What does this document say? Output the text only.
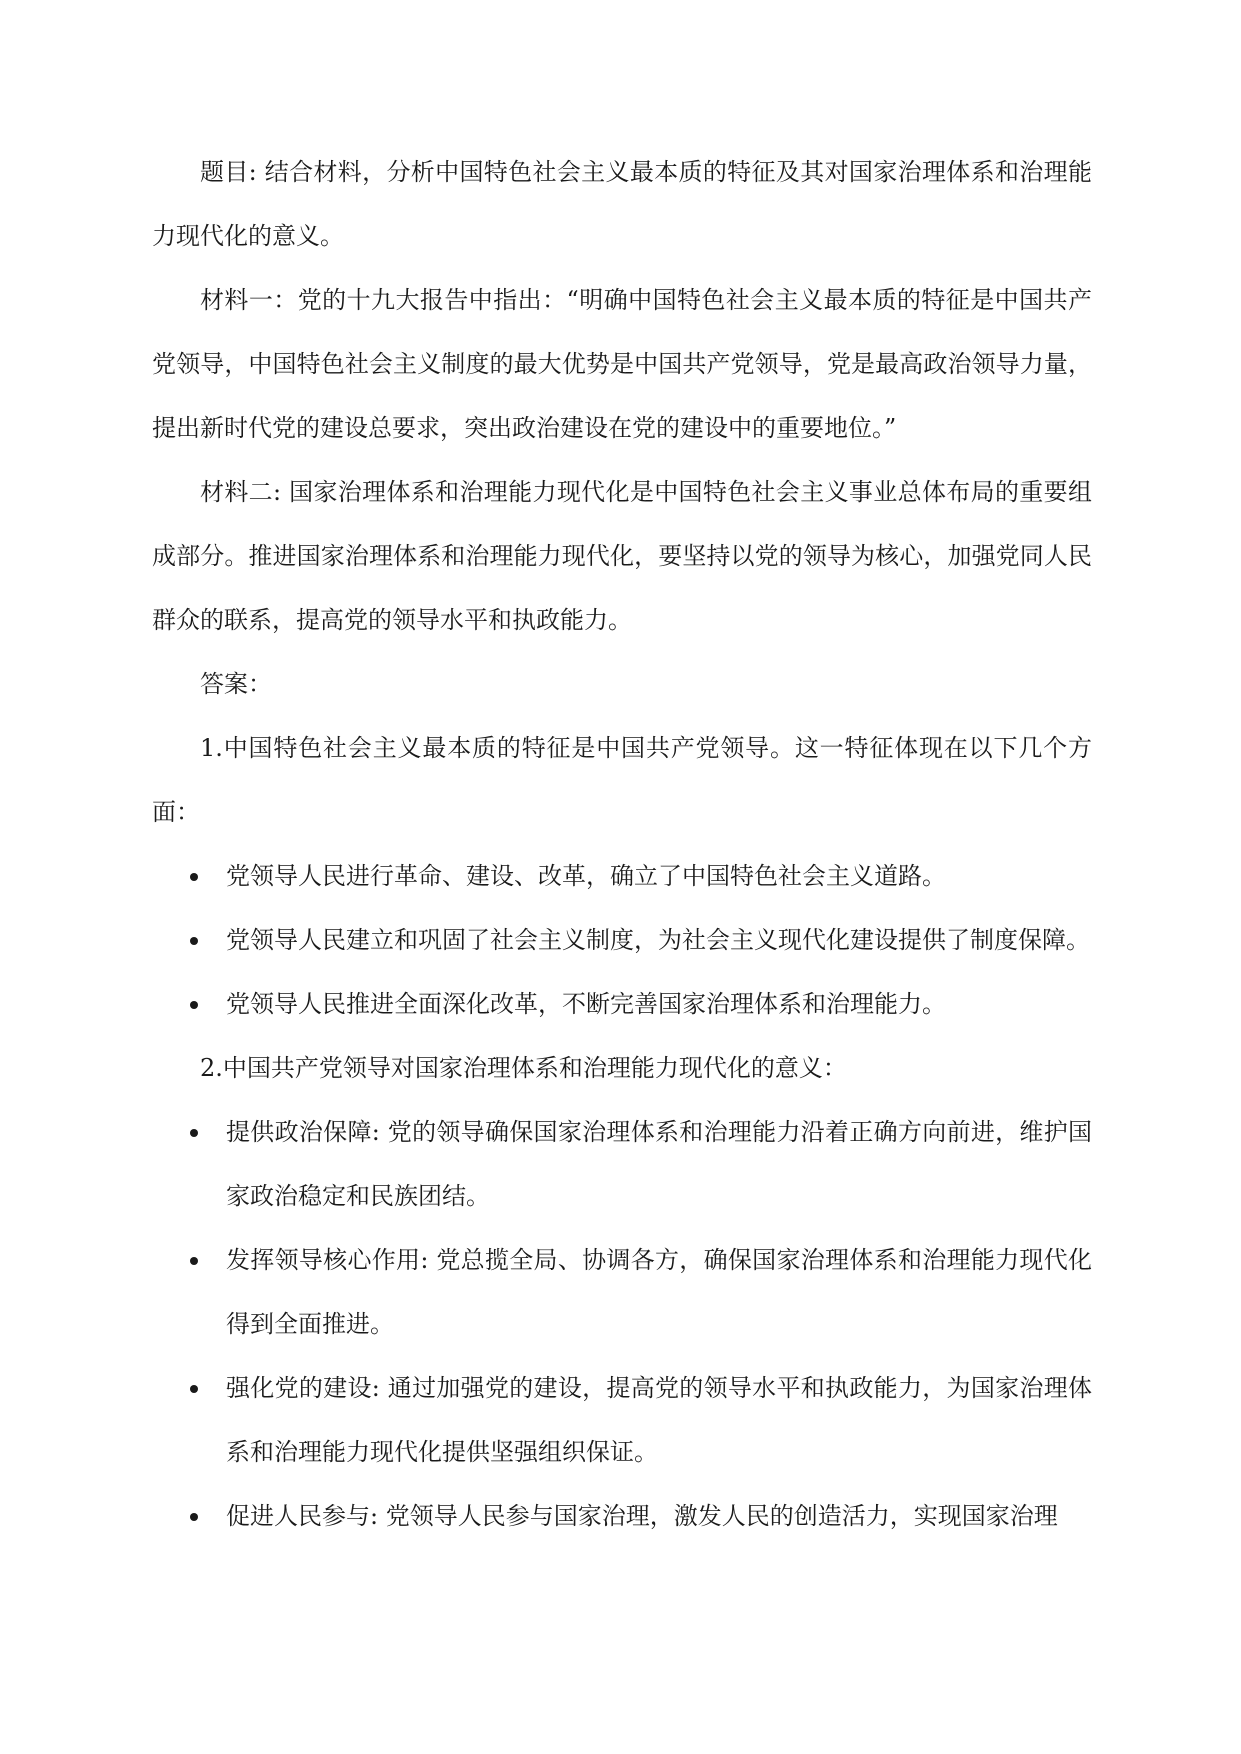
题目: 结合材料，分析中国特色社会主义最本质的特征及其对国家治理体系和治理能力现代化的意义。

材料一：党的十九大报告中指出：“明确中国特色社会主义最本质的特征是中国共产党领导，中国特色社会主义制度的最大优势是中国共产党领导，党是最高政治领导力量，提出新时代党的建设总要求，突出政治建设在党的建设中的重要地位。”

材料二: 国家治理体系和治理能力现代化是中国特色社会主义事业总体布局的重要组成部分。推进国家治理体系和治理能力现代化，要坚持以党的领导为核心，加强党同人民群众的联系，提高党的领导水平和执政能力。

答案：

1.中国特色社会主义最本质的特征是中国共产党领导。这一特征体现在以下几个方面：

党领导人民进行革命、建设、改革，确立了中国特色社会主义道路。
党领导人民建立和巩固了社会主义制度，为社会主义现代化建设提供了制度保障。
党领导人民推进全面深化改革，不断完善国家治理体系和治理能力。

2.中国共产党领导对国家治理体系和治理能力现代化的意义：

提供政治保障: 党的领导确保国家治理体系和治理能力沿着正确方向前进，维护国家政治稳定和民族团结。
发挥领导核心作用: 党总揽全局、协调各方，确保国家治理体系和治理能力现代化得到全面推进。
强化党的建设: 通过加强党的建设，提高党的领导水平和执政能力，为国家治理体系和治理能力现代化提供坚强组织保证。
促进人民参与: 党领导人民参与国家治理，激发人民的创造活力，实现国家治理
